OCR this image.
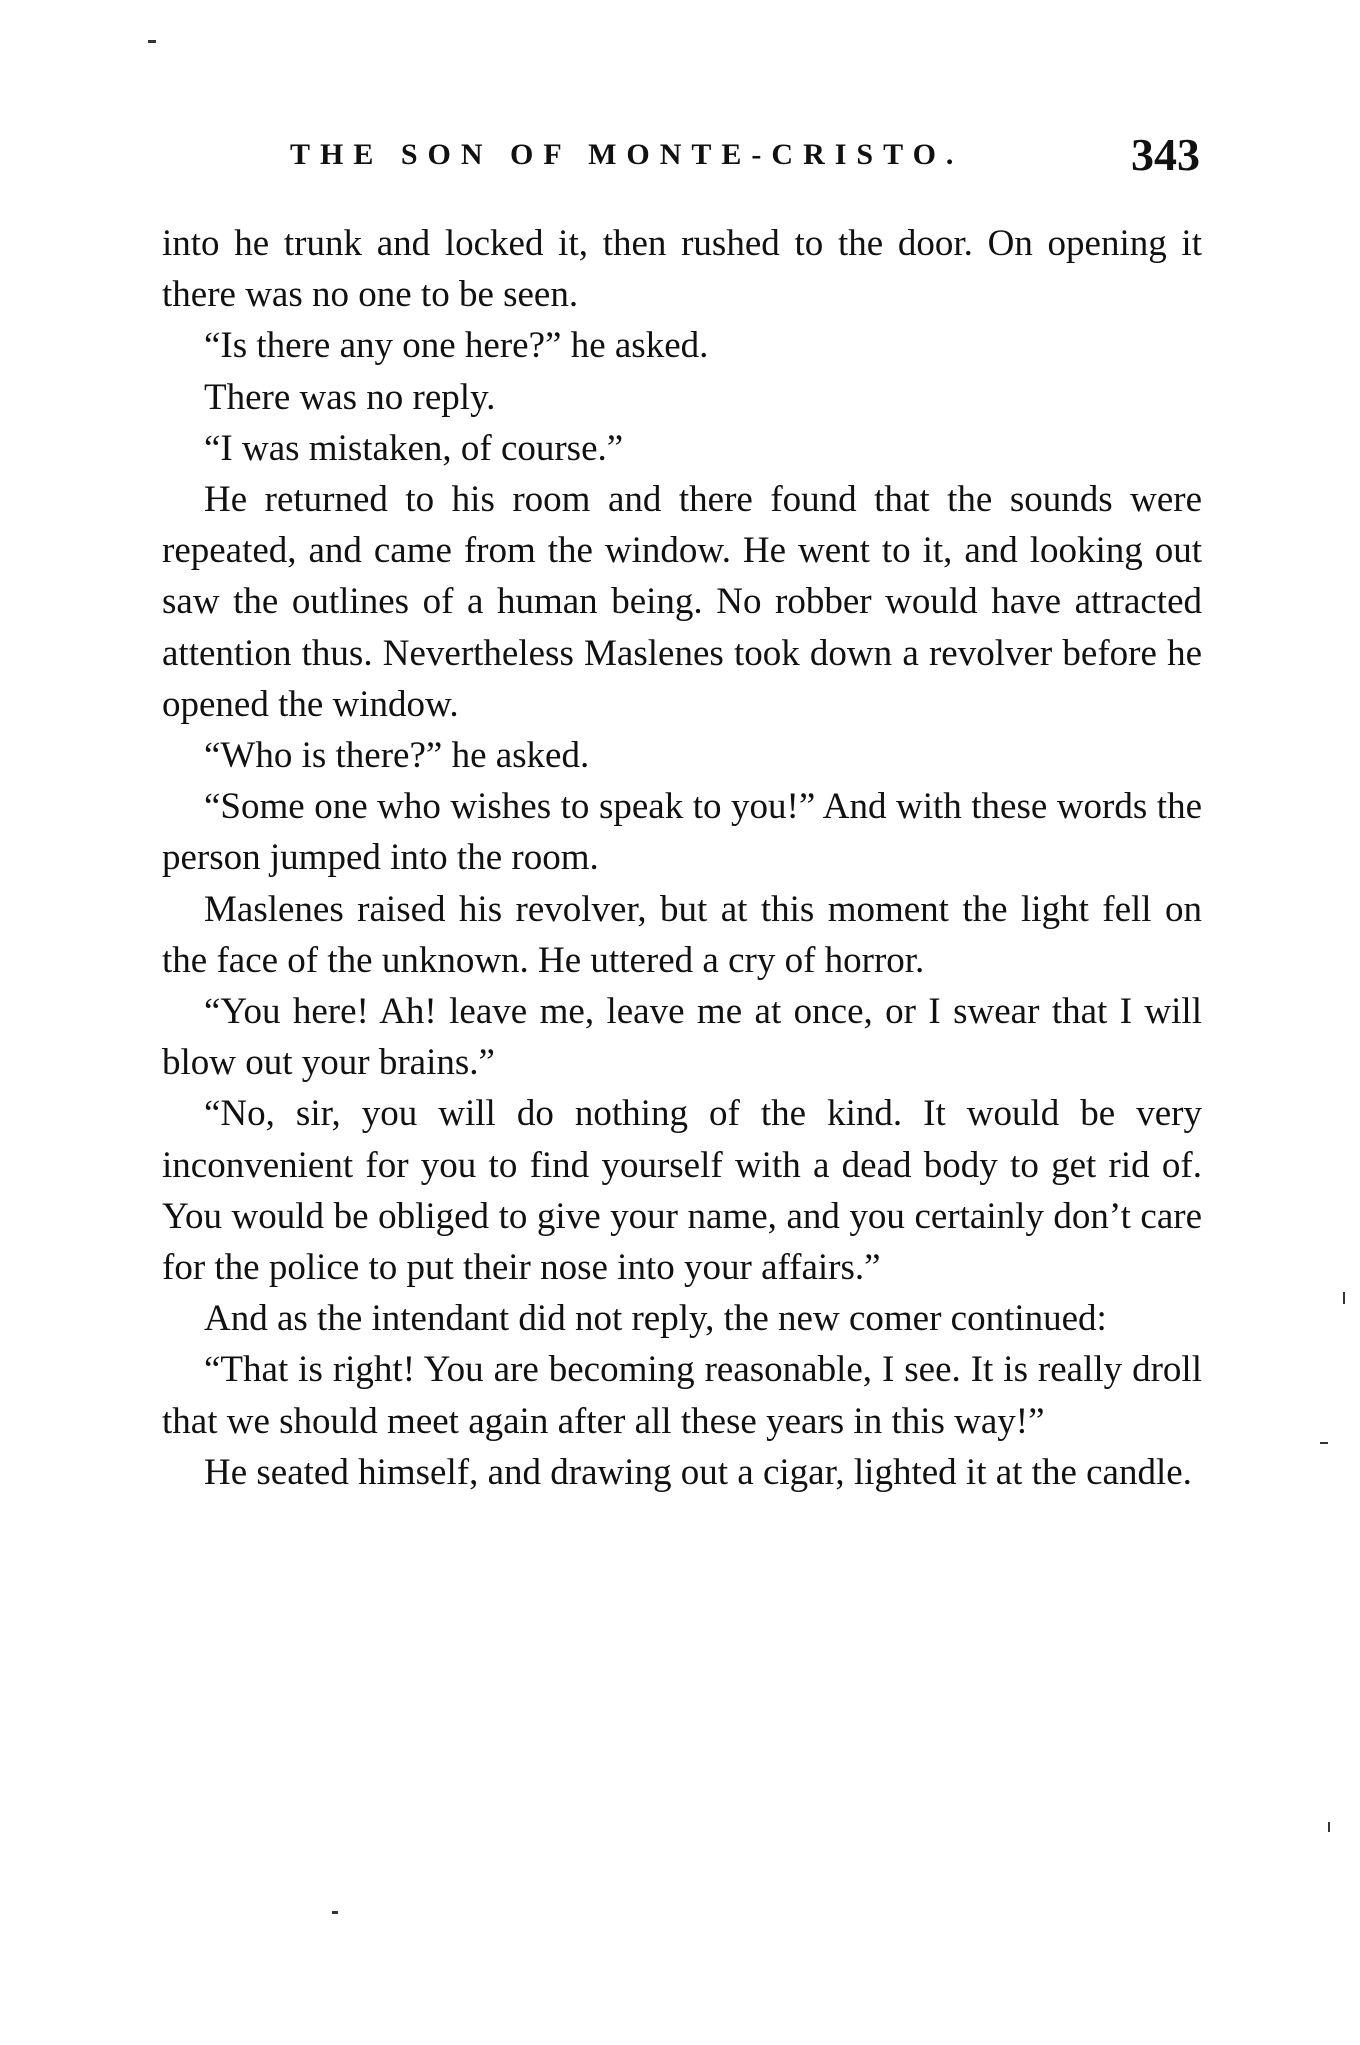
THE SON OF MONTE-CRISTO.	343

into he trunk and locked it, then rushed to the door. On opening it there was no one to be seen.

“Is there any one here?” he asked.

There was no reply.

“I was mistaken, of course.”

He returned to his room and there found that the sounds were repeated, and came from the window. He went to it, and looking out saw the outlines of a human being. No robber would have attracted attention thus. Nevertheless Maslenes took down a revolver before he opened the window.

“Who is there?” he asked.

“Some one who wishes to speak to you!” And with these words the person jumped into the room.

Maslenes raised his revolver, but at this moment the light fell on the face of the unknown. He uttered a cry of horror.

“You here! Ah! leave me, leave me at once, or I swear that I will blow out your brains.”

“No, sir, you will do nothing of the kind. It would be very inconvenient for you to find yourself with a dead body to get rid of. You would be obliged to give your name, and you certainly don’t care for the police to put their nose into your affairs.”

And as the intendant did not reply, the new comer continued:

“That is right! You are becoming reasonable, I see. It is really droll that we should meet again after all these years in this way!”

He seated himself, and drawing out a cigar, lighted it at the candle.
